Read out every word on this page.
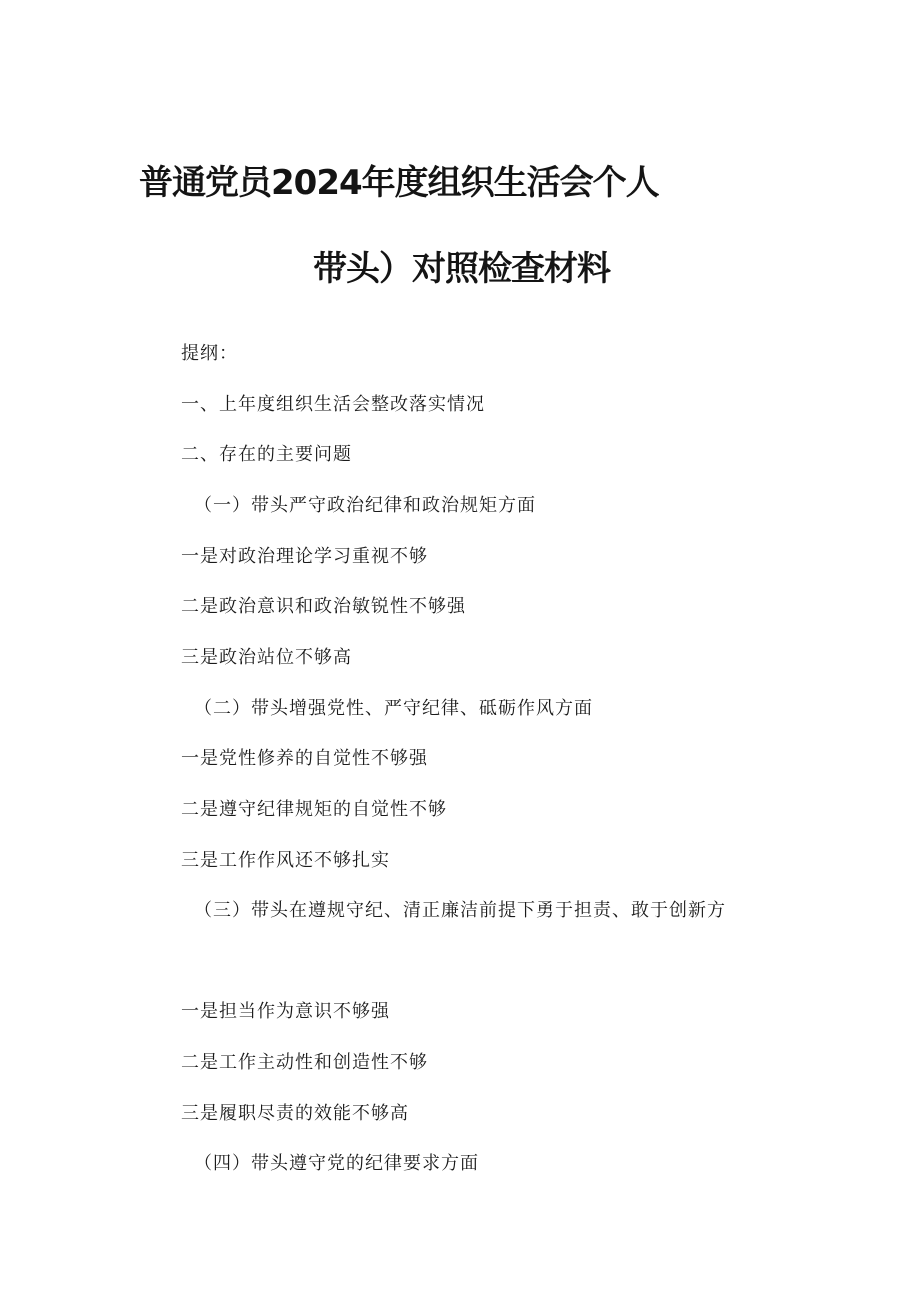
普通党员2024年度组织生活会个人
带头）对照检查材料
提纲：
一、上年度组织生活会整改落实情况
二、存在的主要问题
（一）带头严守政治纪律和政治规矩方面
一是对政治理论学习重视不够
二是政治意识和政治敏锐性不够强
三是政治站位不够高
（二）带头增强党性、严守纪律、砥砺作风方面
一是党性修养的自觉性不够强
二是遵守纪律规矩的自觉性不够
三是工作作风还不够扎实
（三）带头在遵规守纪、清正廉洁前提下勇于担责、敢于创新方
一是担当作为意识不够强
二是工作主动性和创造性不够
三是履职尽责的效能不够高
（四）带头遵守党的纪律要求方面
